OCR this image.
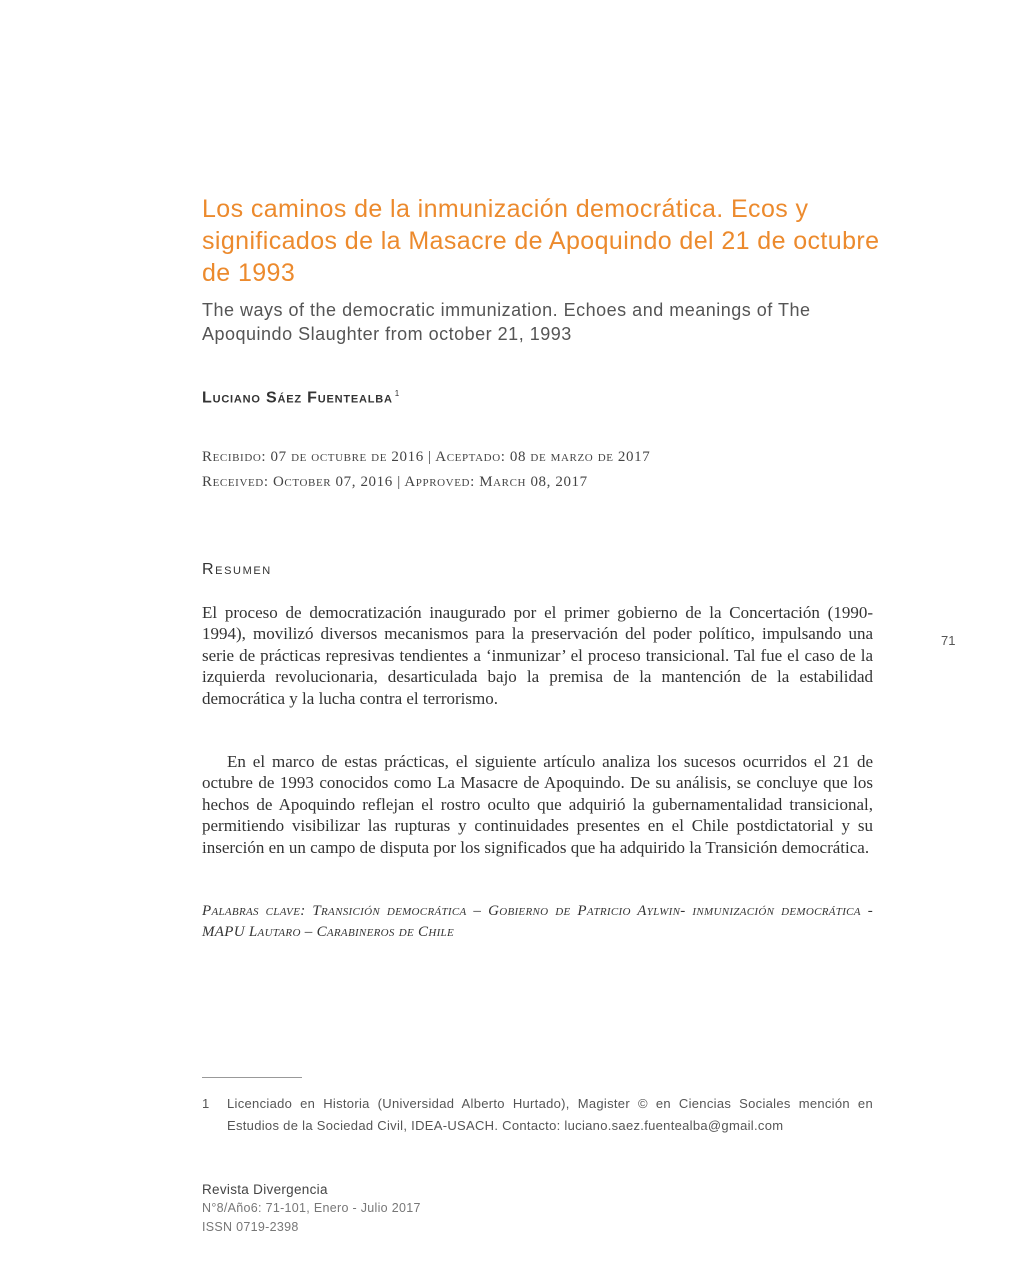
Los caminos de la inmunización democrática. Ecos y significados de la Masacre de Apoquindo del 21 de octubre de 1993

The ways of the democratic immunization. Echoes and meanings of The Apoquindo Slaughter from october 21, 1993

Luciano Sáez Fuentealba $^1$
Recibido: 07 de octubre de 2016 | Aceptado: 08 de marzo de 2017
Received: October 07, 2016 | Approved: March 08, 2017
Resumen

El proceso de democratización inaugurado por el primer gobierno de la Concertación (1990-1994), movilizó diversos mecanismos para la preservación del poder político, impulsando una serie de prácticas represivas tendientes a ‘inmunizar’ el proceso transicional. Tal fue el caso de la izquierda revolucionaria, desarticulada bajo la premisa de la mantención de la estabilidad democrática y la lucha contra el terrorismo.

En el marco de estas prácticas, el siguiente artículo analiza los sucesos ocurridos el 21 de octubre de 1993 conocidos como La Masacre de Apoquindo. De su análisis, se concluye que los hechos de Apoquindo reflejan el rostro oculto que adquirió la gubernamentalidad transicional, permitiendo visibilizar las rupturas y continuidades presentes en el Chile postdictatorial y su inserción en un campo de disputa por los significados que ha adquirido la Transición democrática.

Palabras clave: Transición democrática – Gobierno de Patricio Aylwin- inmunización democrática - MAPU Lautaro – Carabineros de Chile

71
1 Licenciado en Historia (Universidad Alberto Hurtado), Magister © en Ciencias Sociales mención en Estudios de la Sociedad Civil, IDEA-USACH. Contacto: luciano.saez.fuentealba@gmail.com
Revista Divergencia
N°8/Año6: 71-101, Enero - Julio 2017
ISSN 0719-2398
